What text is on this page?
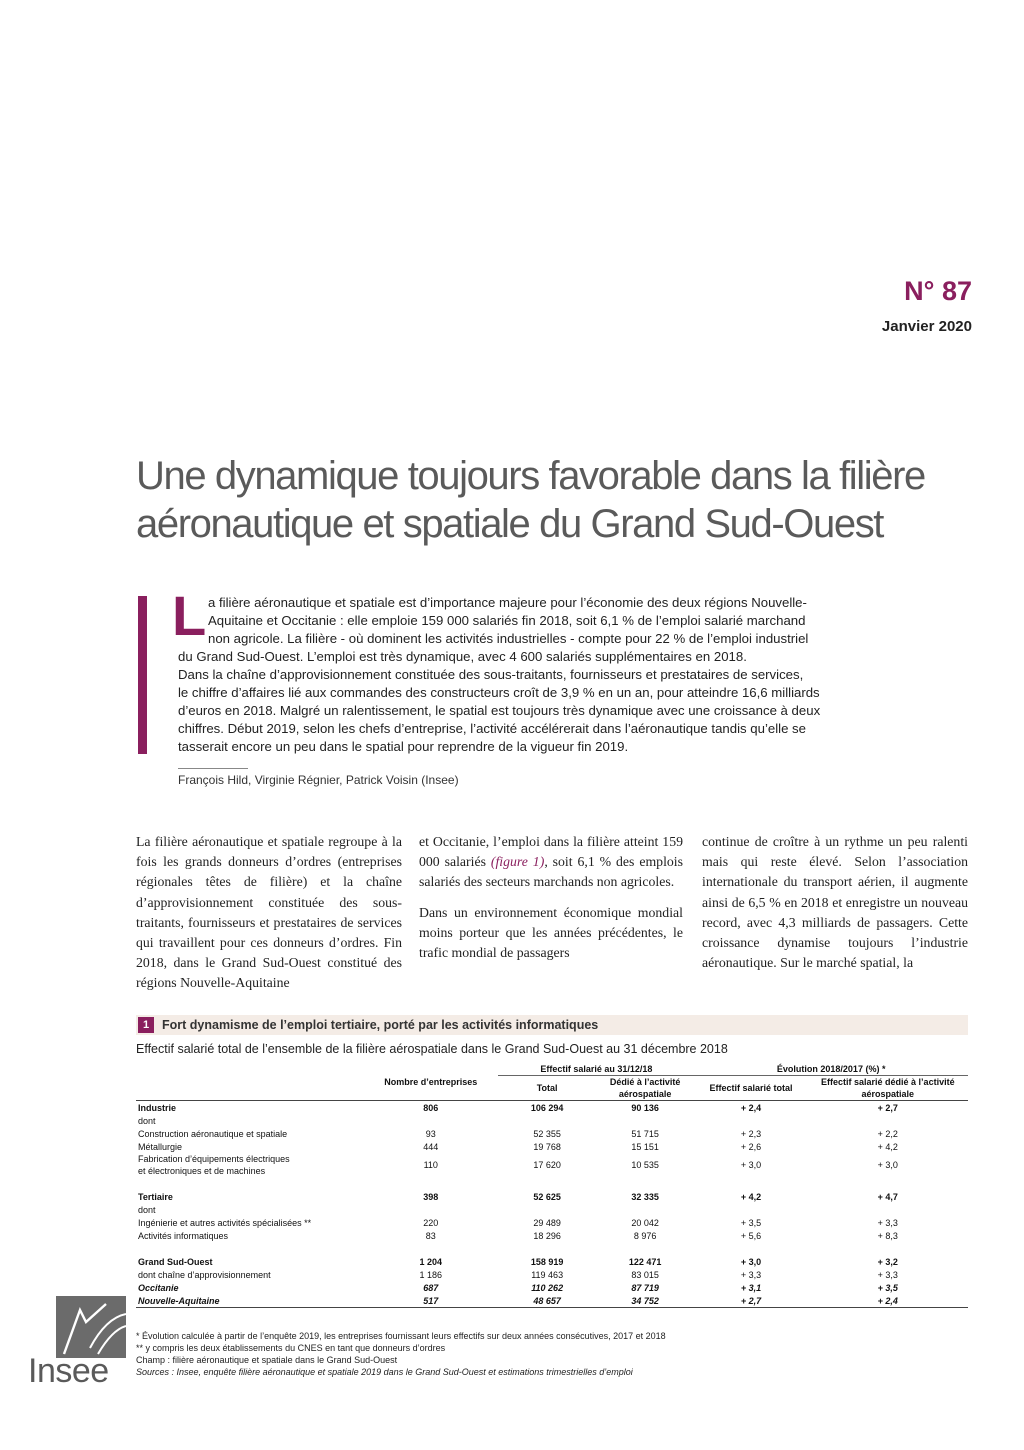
N° 87
Janvier 2020
Une dynamique toujours favorable dans la filière aéronautique et spatiale du Grand Sud-Ouest
L a filière aéronautique et spatiale est d’importance majeure pour l’économie des deux régions Nouvelle-
Aquitaine et Occitanie : elle emploie 159 000 salariés fin 2018, soit 6,1 % de l’emploi salarié marchand
non agricole. La filière - où dominent les activités industrielles - compte pour 22 % de l’emploi industriel
du Grand Sud-Ouest. L’emploi est très dynamique, avec 4 600 salariés supplémentaires en 2018.
Dans la chaîne d’approvisionnement constituée des sous-traitants, fournisseurs et prestataires de services,
le chiffre d’affaires lié aux commandes des constructeurs croît de 3,9 % en un an, pour atteindre 16,6 milliards
d’euros en 2018. Malgré un ralentissement, le spatial est toujours très dynamique avec une croissance à deux
chiffres. Début 2019, selon les chefs d’entreprise, l’activité accélérerait dans l’aéronautique tandis qu’elle se
tasserait encore un peu dans le spatial pour reprendre de la vigueur fin 2019.
François Hild, Virginie Régnier, Patrick Voisin (Insee)

La filière aéronautique et spatiale regroupe à la fois les grands donneurs d’ordres (entreprises régionales têtes de filière) et la chaîne d’approvisionnement constituée des sous-traitants, fournisseurs et prestataires de services qui travaillent pour ces donneurs d’ordres. Fin 2018, dans le Grand Sud-Ouest constitué des régions Nouvelle-Aquitaine

et Occitanie, l’emploi dans la filière atteint 159 000 salariés (figure 1), soit 6,1 % des emplois salariés des secteurs marchands non agricoles.

Dans un environnement économique mondial moins porteur que les années précédentes, le trafic mondial de passagers

continue de croître à un rythme un peu ralenti mais qui reste élevé. Selon l’association internationale du transport aérien, il augmente ainsi de 6,5 % en 2018 et enregistre un nouveau record, avec 4,3 milliards de passagers. Cette croissance dynamise toujours l’industrie aéronautique. Sur le marché spatial, la

1	Fort dynamisme de l’emploi tertiaire, porté par les activités informatiques
Effectif salarié total de l’ensemble de la filière aérospatiale dans le Grand Sud-Ouest au 31 décembre 2018
		Effectif salarié au 31/12/18		Évolution 2018/2017 (%) *	
	Nombre d’entreprises	Total	Dédié à l’activité aérospatiale	Effectif salarié total	Effectif salarié dédié à l’activité aérospatiale
Industrie	806	106 294	90 136	+ 2,4	+ 2,7
dont					
Construction aéronautique et spatiale	93	52 355	51 715	+ 2,3	+ 2,2
Métallurgie	444	19 768	15 151	+ 2,6	+ 4,2
Fabrication d’équipements électriques
et électroniques et de machines	110	17 620	10 535	+ 3,0	+ 3,0

Tertiaire	398	52 625	32 335	+ 4,2	+ 4,7
dont					
Ingénierie et autres activités spécialisées **	220	29 489	20 042	+ 3,5	+ 3,3
Activités informatiques	83	18 296	8 976	+ 5,6	+ 8,3

Grand Sud-Ouest	1 204	158 919	122 471	+ 3,0	+ 3,2
dont chaîne d’approvisionnement	1 186	119 463	83 015	+ 3,3	+ 3,3
Occitanie	687	110 262	87 719	+ 3,1	+ 3,5
Nouvelle-Aquitaine	517	48 657	34 752	+ 2,7	+ 2,4
* Évolution calculée à partir de l’enquête 2019, les entreprises fournissant leurs effectifs sur deux années consécutives, 2017 et 2018
** y compris les deux établissements du CNES en tant que donneurs d’ordres
Champ : filière aéronautique et spatiale dans le Grand Sud-Ouest
Sources : Insee, enquête filière aéronautique et spatiale 2019 dans le Grand Sud-Ouest et estimations trimestrielles d’emploi
Insee
